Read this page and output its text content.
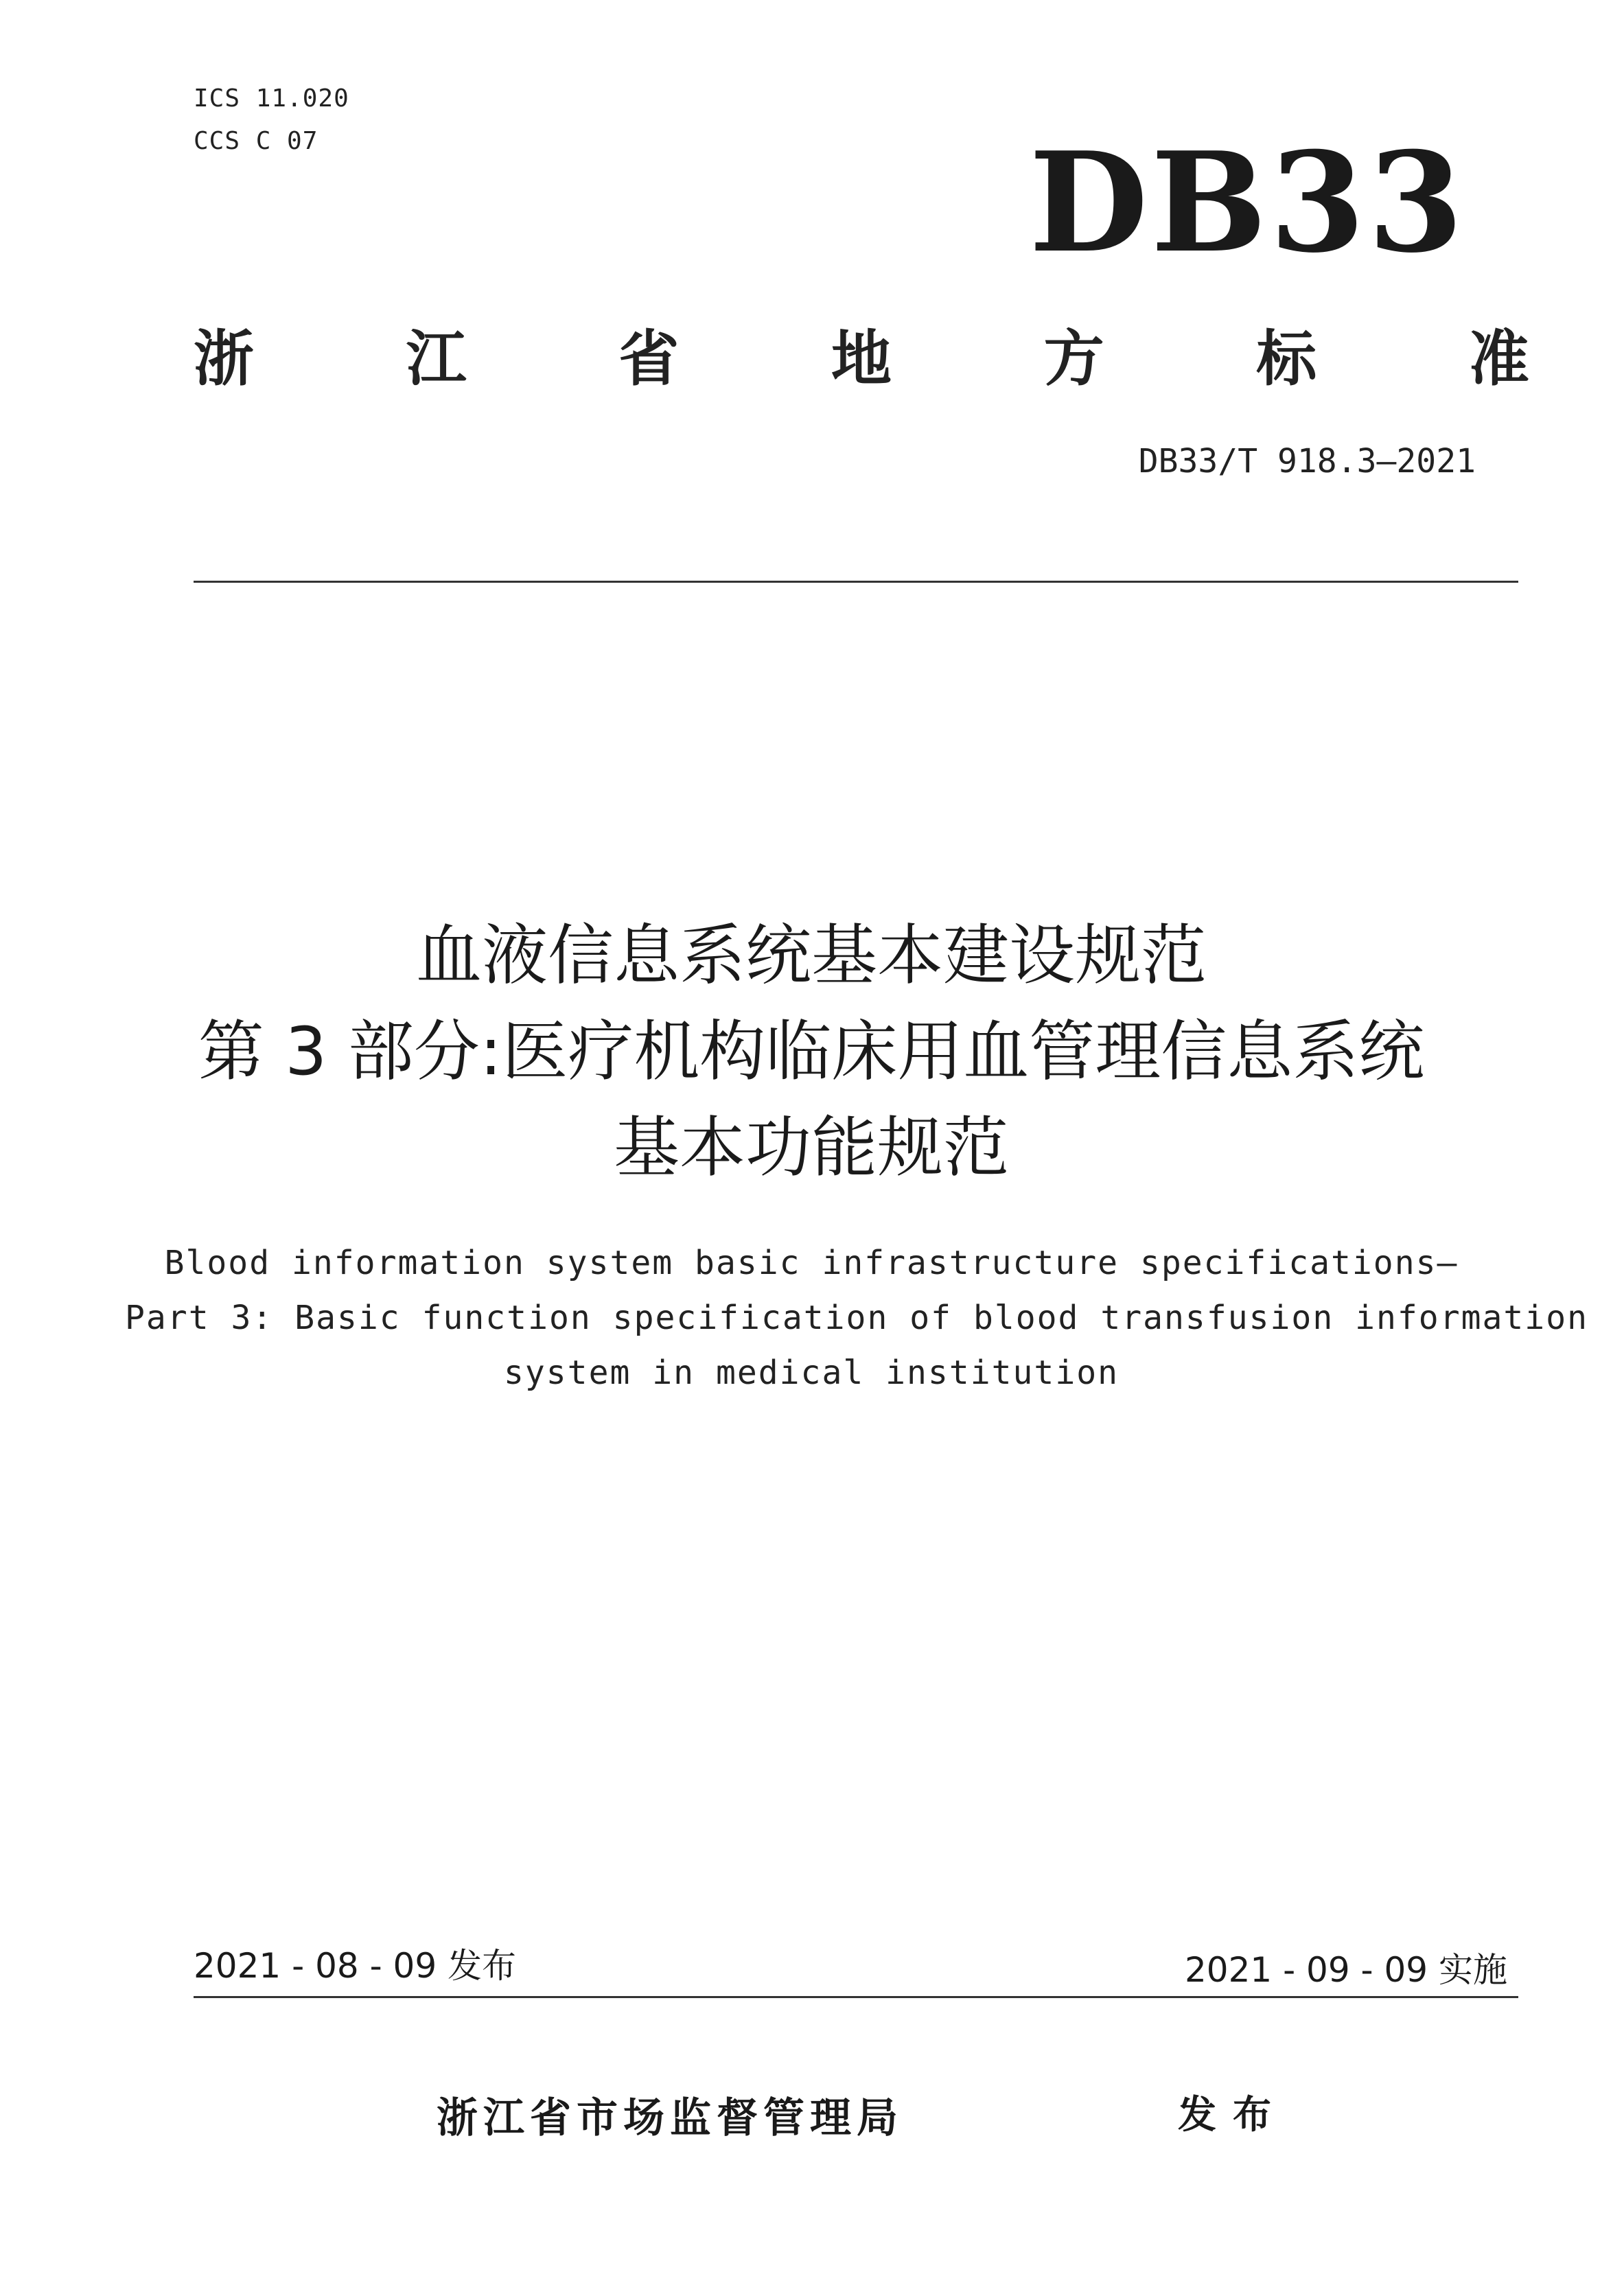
ICS 11.020
CCS C 07	DB33
浙	江	省	地	方	标	准
DB33/T 918.3—2021
血液信息系统基本建设规范
第 3 部分:医疗机构临床用血管理信息系统
基本功能规范
Blood information system basic infrastructure specifications—
Part 3: Basic function specification of blood transfusion information
system in medical institution
2021 - 08 - 09 发布	2021 - 09 - 09 实施
浙江省市场监督管理局	发布
